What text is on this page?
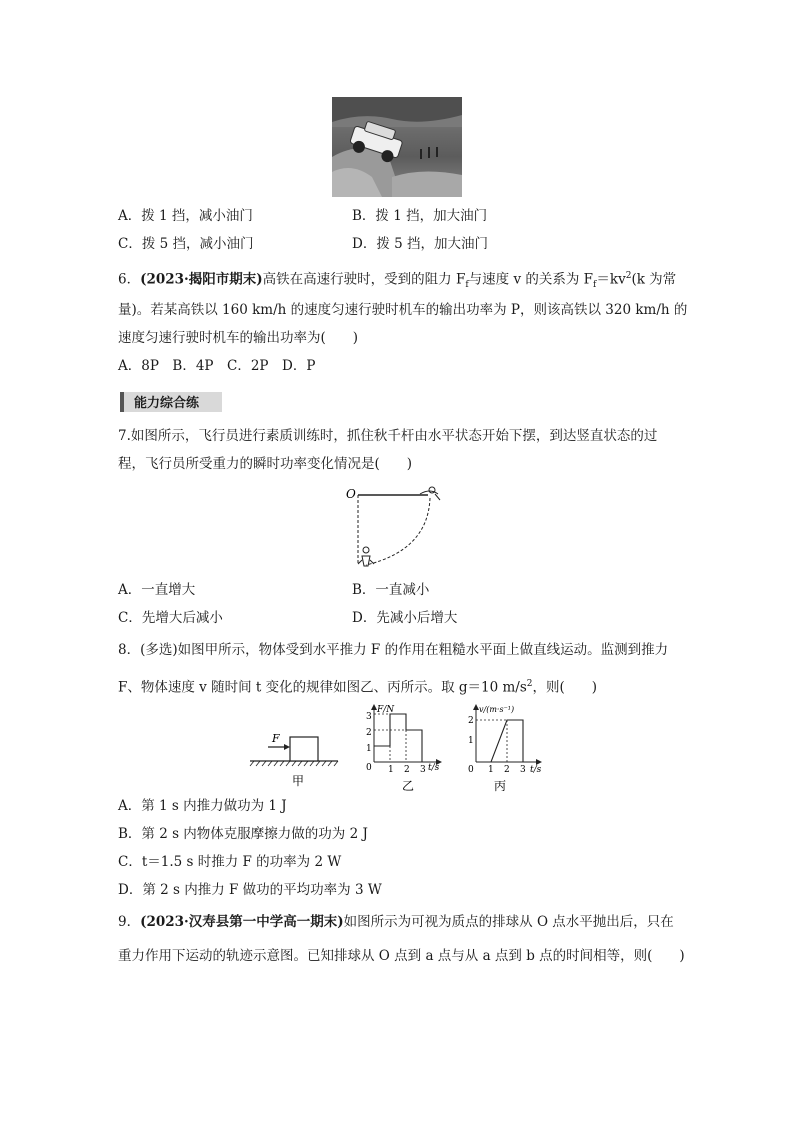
A．拨 1 挡，减小油门	B．拨 1 挡，加大油门
C．拨 5 挡，减小油门	D．拨 5 挡，加大油门
6．(2023·揭阳市期末)高铁在高速行驶时，受到的阻力 $F_f$与速度 v 的关系为 $F_f=kv^2(k$ 为常
量)。若某高铁以 160 km/h 的速度匀速行驶时机车的输出功率为 P，则该高铁以 320 km/h 的
速度匀速行驶时机车的输出功率为(　　)
A．8P　B．4P　C．2P　D．P
能力综合练
7.如图所示，飞行员进行素质训练时，抓住秋千杆由水平状态开始下摆，到达竖直状态的过
程，飞行员所受重力的瞬时功率变化情况是(　　)
O
A．一直增大	B．一直减小
C．先增大后减小	D．先减小后增大
8．(多选)如图甲所示，物体受到水平推力 F 的作用在粗糙水平面上做直线运动。监测到推力
F、物体速度 v 随时间 t 变化的规律如图乙、丙所示。取 g＝10 $m/s^2$，则(　　)
F
甲
F/N
t/s
1
2
3
0 1 2 3
乙
v/(m·s⁻¹)
t/s
1
2
0 1 2 3
丙
A．第 1 s 内推力做功为 1 J
B．第 2 s 内物体克服摩擦力做的功为 2 J
C．t＝1.5 s 时推力 F 的功率为 2 W
D．第 2 s 内推力 F 做功的平均功率为 3 W
9．(2023·汉寿县第一中学高一期末)如图所示为可视为质点的排球从 O 点水平抛出后，只在
重力作用下运动的轨迹示意图。已知排球从 O 点到 a 点与从 a 点到 b 点的时间相等，则(　　)
